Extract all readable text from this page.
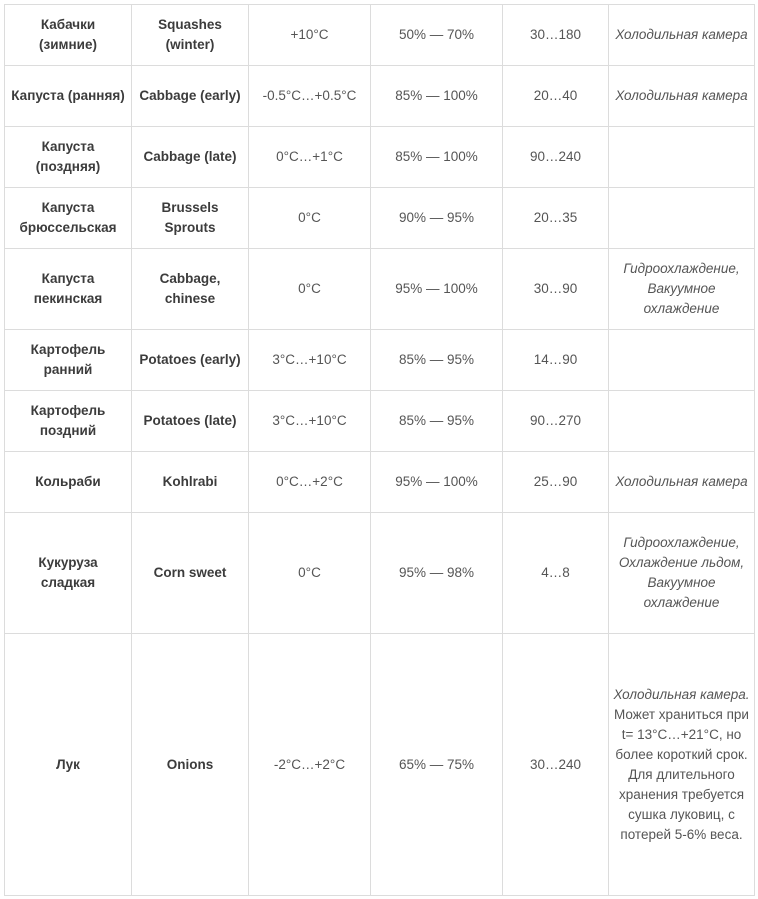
Кабачки (зимние)	Squashes (winter)	+10°C	50% — 70%	30…180	Холодильная камера

Капуста (ранняя)	Cabbage (early)	-0.5°C…+0.5°C	85% — 100%	20…40	Холодильная камера

Капуста (поздняя)	Cabbage (late)	0°C…+1°C	85% — 100%	90…240	

Капуста брюссельская	Brussels Sprouts	0°C	90% — 95%	20…35	

Капуста пекинская	Cabbage, chinese	0°C	95% — 100%	30…90	Гидроохлаждение, Вакуумное охлаждение

Картофель ранний	Potatoes (early)	3°C…+10°C	85% — 95%	14…90	

Картофель поздний	Potatoes (late)	3°C…+10°C	85% — 95%	90…270	

Кольраби	Kohlrabi	0°C…+2°C	95% — 100%	25…90	Холодильная камера

Кукуруза сладкая	Corn sweet	0°C	95% — 98%	4…8	Гидроохлаждение, Охлаждение льдом, Вакуумное охлаждение

Лук	Onions	-2°C…+2°C	65% — 75%	30…240	Холодильная камера.
Может храниться при t= 13°C…+21°C, но более короткий срок. Для длительного хранения требуется сушка луковиц, с потерей 5-6% веса.
